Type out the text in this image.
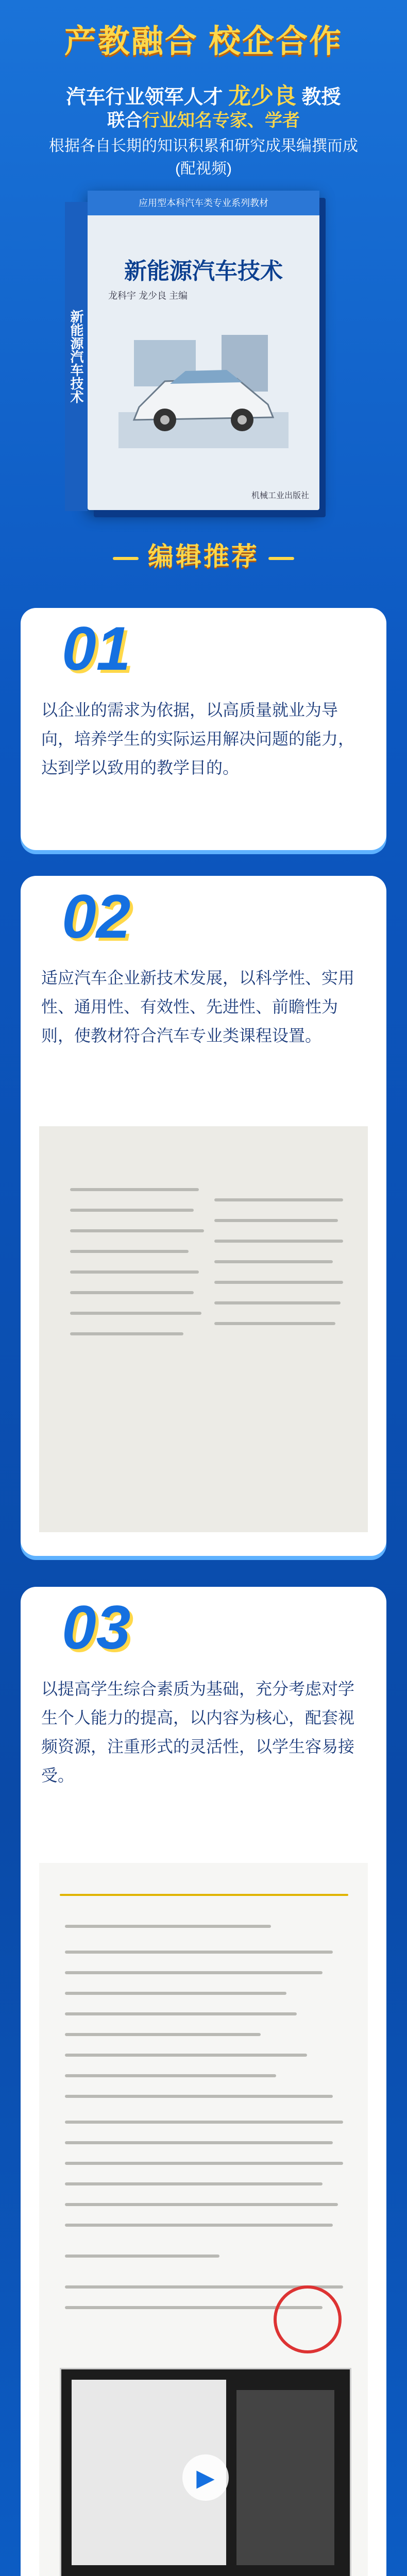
产教融合 校企合作
汽车行业领军人才 龙少良 教授
联合行业知名专家、学者
根据各自长期的知识积累和研究成果编撰而成
(配视频)
新能源汽车技术
应用型本科汽车类专业系列教材
新能源汽车技术
龙科宇 龙少良 主编
机械工业出版社
编辑推荐
01
以企业的需求为依据，以高质量就业为导向，培养学生的实际运用解决问题的能力，达到学以致用的教学目的。
02
适应汽车企业新技术发展，以科学性、实用性、通用性、有效性、先进性、前瞻性为则，使教材符合汽车专业类课程设置。
03
以提高学生综合素质为基础，充分考虑对学生个人能力的提高，以内容为核心，配套视频资源，注重形式的灵活性，以学生容易接受。
▶
